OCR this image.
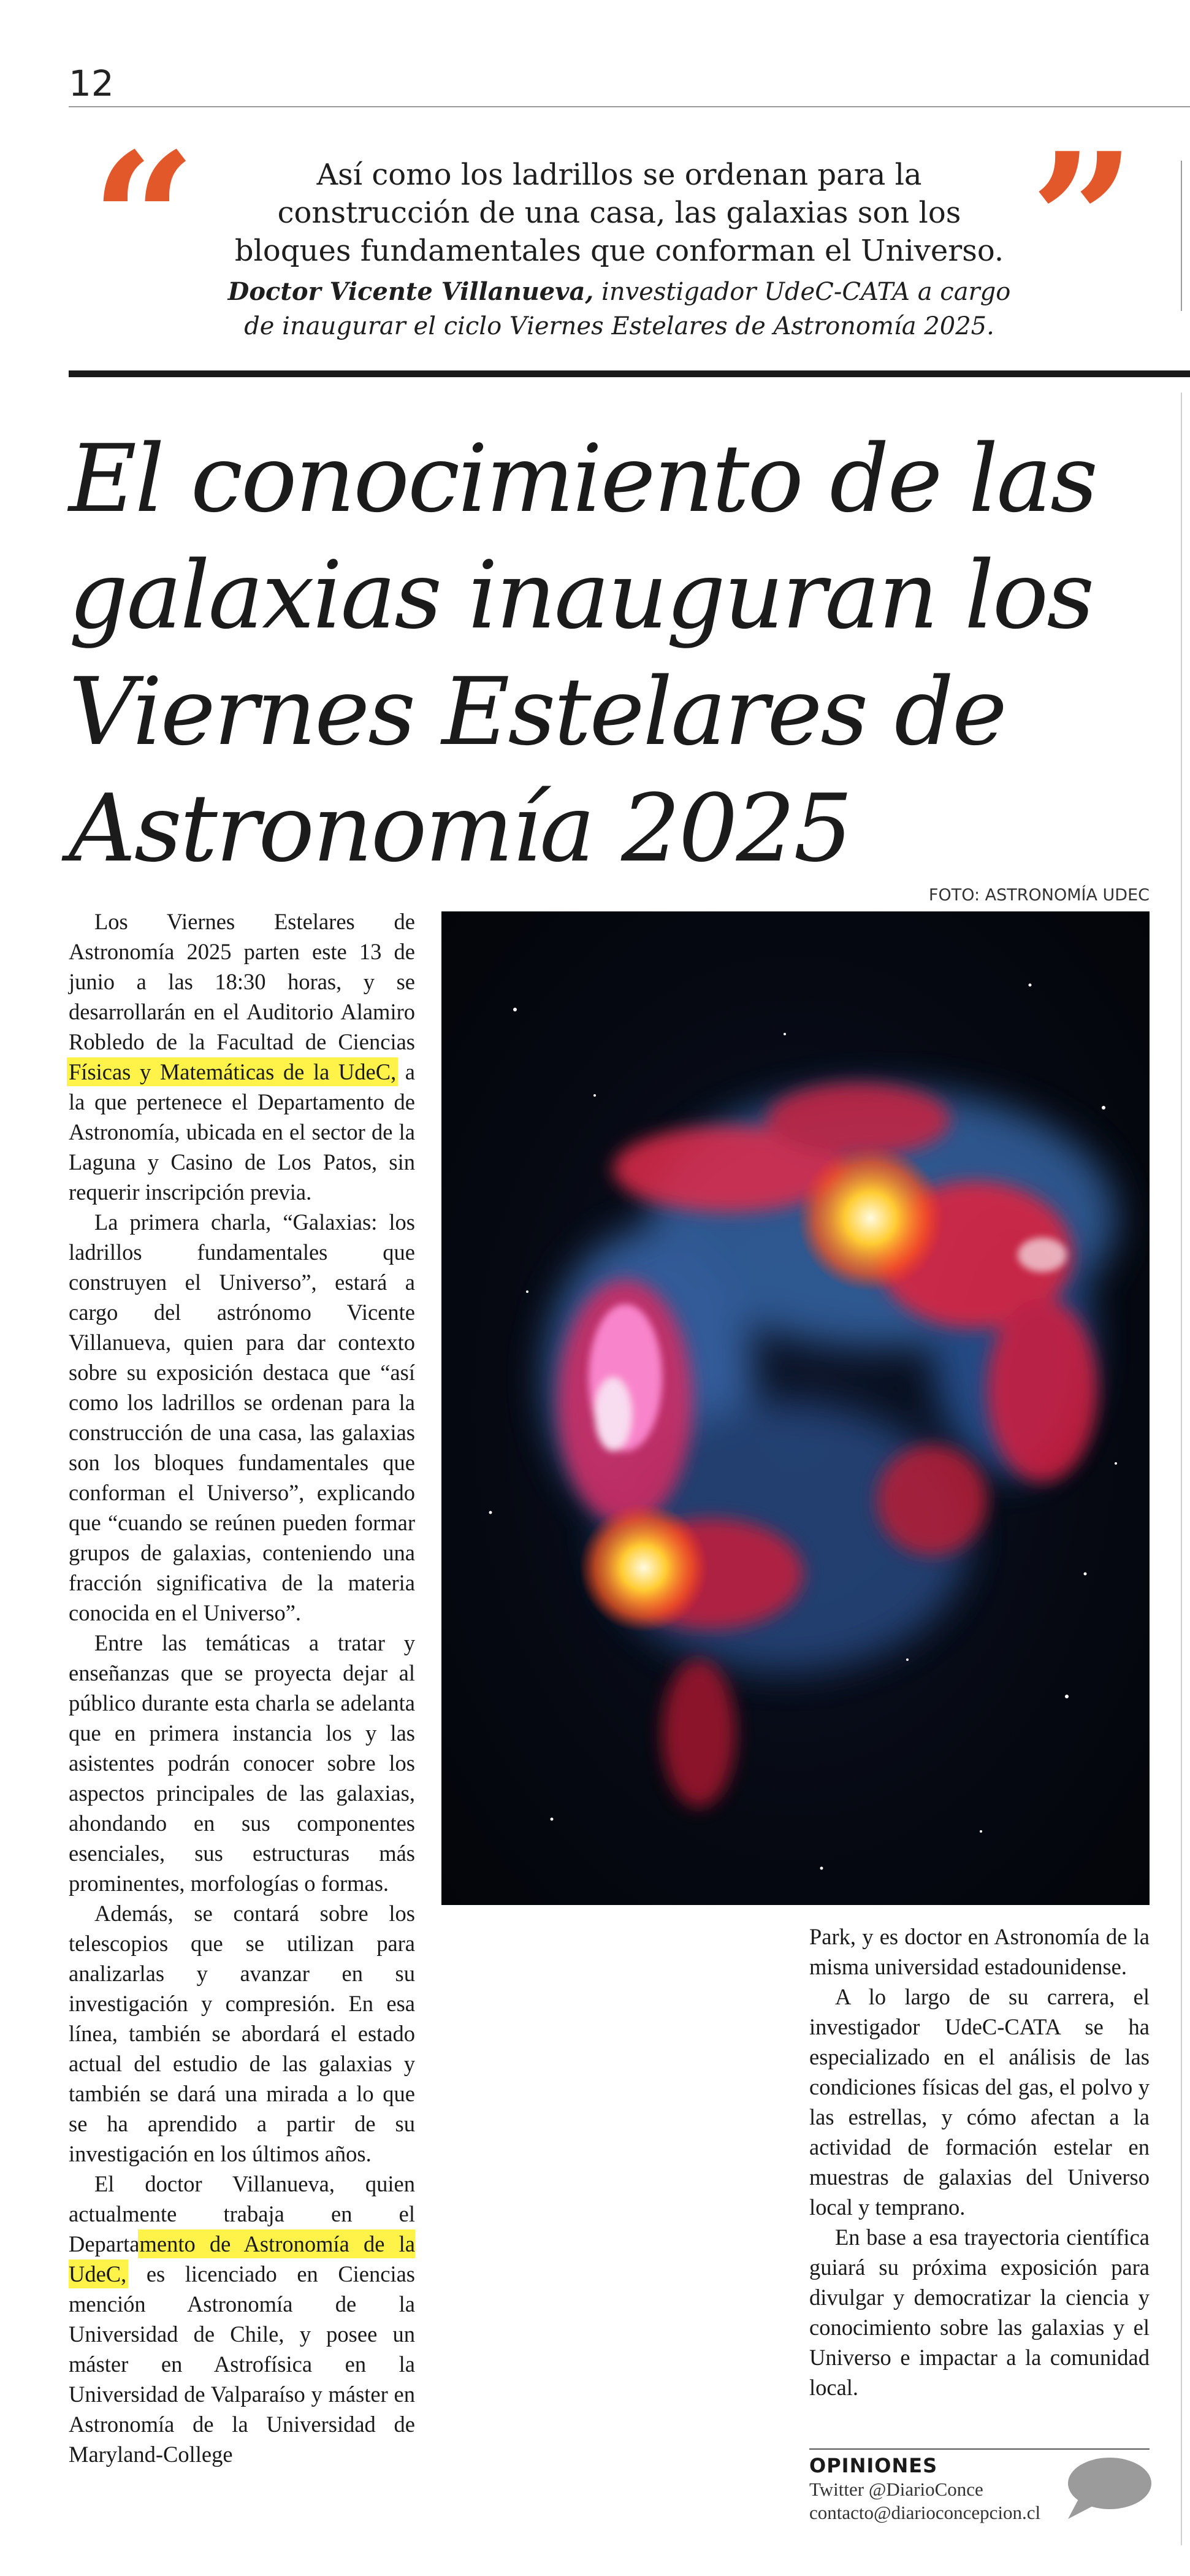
12
“	”

Así como los ladrillos se ordenan para la construcción de una casa, las galaxias son los bloques fundamentales que conforman el Universo.

Doctor Vicente Villanueva, investigador UdeC-CATA a cargo de inaugurar el ciclo Viernes Estelares de Astronomía 2025.

El conocimiento de las galaxias inauguran los Viernes Estelares de Astronomía 2025
FOTO: ASTRONOMÍA UDEC

Los Viernes Estelares de Astronomía 2025 parten este 13 de junio a las 18:30 horas, y se desarrollarán en el Auditorio Alamiro Robledo de la Facultad de Ciencias Físicas y Matemáticas de la UdeC, a la que pertenece el Departamento de Astronomía, ubicada en el sector de la Laguna y Casino de Los Patos, sin requerir inscripción previa.

La primera charla, “Galaxias: los ladrillos fundamentales que construyen el Universo”, estará a cargo del astrónomo Vicente Villanueva, quien para dar contexto sobre su exposición destaca que “así como los ladrillos se ordenan para la construcción de una casa, las galaxias son los bloques fundamentales que conforman el Universo”, explicando que “cuando se reúnen pueden formar grupos de galaxias, conteniendo una fracción significativa de la materia conocida en el Universo”.

Entre las temáticas a tratar y enseñanzas que se proyecta dejar al público durante esta charla se adelanta que en primera instancia los y las asistentes podrán conocer sobre los aspectos principales de las galaxias, ahondando en sus componentes esenciales, sus estructuras más prominentes, morfologías o formas.

Además, se contará sobre los telescopios que se utilizan para analizarlas y avanzar en su investigación y compresión. En esa línea, también se abordará el estado actual del estudio de las galaxias y también se dará una mirada a lo que se ha aprendido a partir de su investigación en los últimos años.

El doctor Villanueva, quien actualmente trabaja en el Departamento de Astronomía de la UdeC, es licenciado en Ciencias mención Astronomía de la Universidad de Chile, y posee un máster en Astrofísica en la Universidad de Valparaíso y máster en Astronomía de la Universidad de Maryland-College

Park, y es doctor en Astronomía de la misma universidad estadounidense.

A lo largo de su carrera, el investigador UdeC-CATA se ha especializado en el análisis de las condiciones físicas del gas, el polvo y las estrellas, y cómo afectan a la actividad de formación estelar en muestras de galaxias del Universo local y temprano.

En base a esa trayectoria científica guiará su próxima exposición para divulgar y democratizar la ciencia y conocimiento sobre las galaxias y el Universo e impactar a la comunidad local.

OPINIONES
Twitter @DiarioConce
contacto@diarioconcepcion.cl
